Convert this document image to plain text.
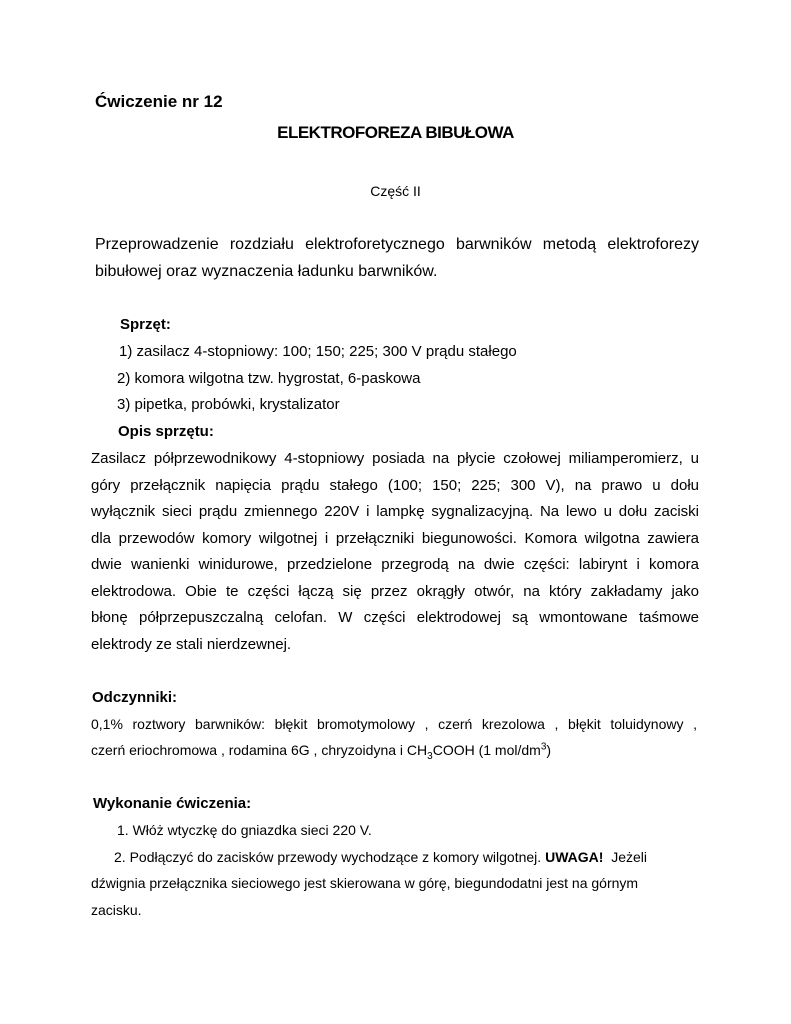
Ćwiczenie nr 12
ELEKTROFOREZA BIBUŁOWA
Część II
Przeprowadzenie rozdziału elektroforetycznego barwników metodą elektroforezy
bibułowej oraz wyznaczenia ładunku barwników.
Sprzęt:
1) zasilacz 4-stopniowy: 100; 150; 225; 300 V prądu stałego
2) komora wilgotna tzw. hygrostat, 6-paskowa
3) pipetka, probówki, krystalizator
Opis sprzętu:
Zasilacz półprzewodnikowy 4-stopniowy posiada na płycie czołowej miliamperomierz, u
góry przełącznik napięcia prądu stałego (100; 150; 225; 300 V), na prawo u dołu
wyłącznik sieci prądu zmiennego 220V i lampkę sygnalizacyjną. Na lewo u dołu zaciski
dla przewodów komory wilgotnej i przełączniki biegunowości. Komora wilgotna zawiera
dwie wanienki winidurowe, przedzielone przegrodą na dwie części: labirynt i komora
elektrodowa. Obie te części łączą się przez okrągły otwór, na który zakładamy jako
błonę półprzepuszczalną celofan. W części elektrodowej są wmontowane taśmowe
elektrody ze stali nierdzewnej.
Odczynniki:
0,1% roztwory barwników: błękit bromotymolowy , czerń krezolowa , błękit toluidynowy ,
czerń eriochromowa , rodamina 6G , chryzoidyna i $CH_3COOH$ (1 mol/$dm^3$)
Wykonanie ćwiczenia:
1. Włóż wtyczkę do gniazdka sieci 220 V.
2. Podłączyć do zacisków przewody wychodzące z komory wilgotnej. UWAGA! Jeżeli
dźwignia przełącznika sieciowego jest skierowana w górę, biegundodatni jest na górnym
zacisku.
